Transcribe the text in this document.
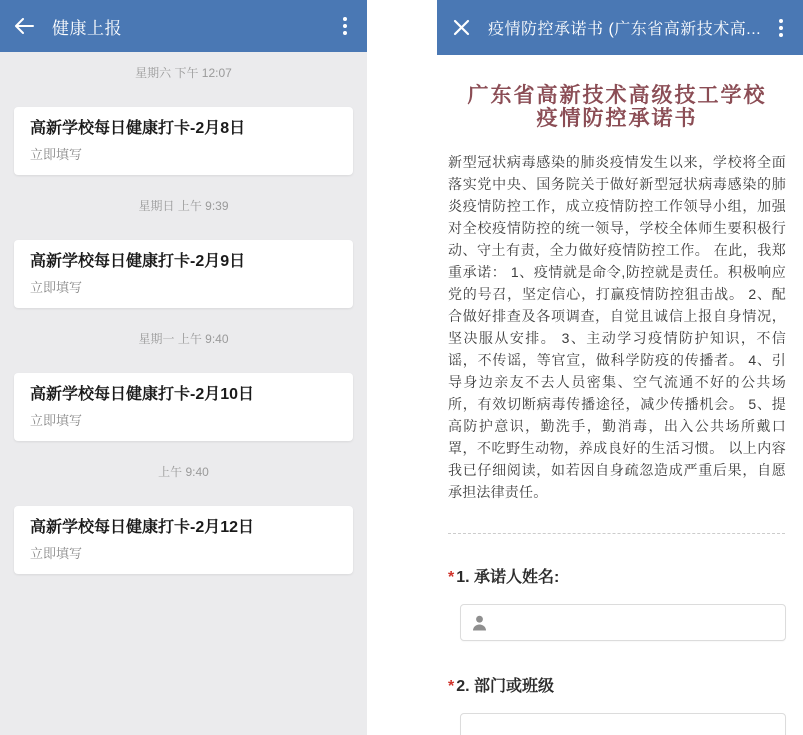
健康上报
星期六 下午 12:07
高新学校每日健康打卡-2月8日
立即填写
星期日 上午 9:39
高新学校每日健康打卡-2月9日
立即填写
星期一 上午 9:40
高新学校每日健康打卡-2月10日
立即填写
上午 9:40
高新学校每日健康打卡-2月12日
立即填写
疫情防控承诺书 (广东省高新技术高...
广东省高新技术高级技工学校
疫情防控承诺书

新型冠状病毒感染的肺炎疫情发生以来，学校将全面落实党中央、国务院关于做好新型冠状病毒感染的肺炎疫情防控工作，成立疫情防控工作领导小组，加强对全校疫情防控的统一领导，学校全体师生要积极行动、守土有责，全力做好疫情防控工作。 在此，我郑重承诺： 1、疫情就是命令,防控就是责任。积极响应党的号召，坚定信心，打赢疫情防控狙击战。 2、配合做好排查及各项调查，自觉且诚信上报自身情况，坚决服从安排。 3、主动学习疫情防护知识，不信谣，不传谣，等官宣，做科学防疫的传播者。 4、引导身边亲友不去人员密集、空气流通不好的公共场所，有效切断病毒传播途径，减少传播机会。 5、提高防护意识，勤洗手，勤消毒，出入公共场所戴口罩，不吃野生动物，养成良好的生活习惯。 以上内容我已仔细阅读，如若因自身疏忽造成严重后果，自愿承担法律责任。

* 1. 承诺人姓名:
* 2. 部门或班级
